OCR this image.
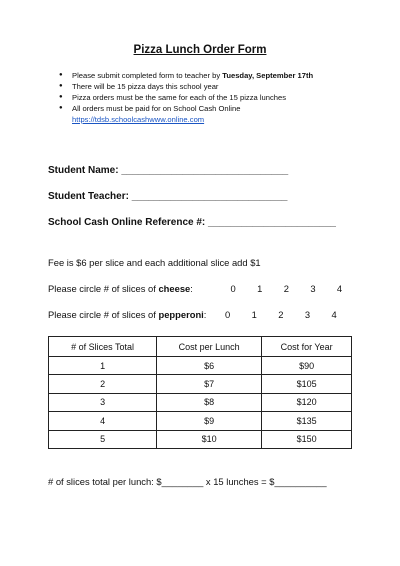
Pizza Lunch Order Form
● Please submit completed form to teacher by Tuesday, September 17th
● There will be 15 pizza days this school year
● Pizza orders must be the same for each of the 15 pizza lunches
● All orders must be paid for on School Cash Online
https://tdsb.schoolcashwww.online.com
Student Name: ______________________________
Student Teacher: ____________________________
School Cash Online Reference #: _______________________
Fee is $6 per slice and each additional slice add $1
Please circle # of slices of cheese:	0 1 2 3 4
Please circle # of slices of pepperoni: 0 1 2 3 4
# of Slices Total	Cost per Lunch	Cost for Year
1	$6	$90
2	$7	$105
3	$8	$120
4	$9	$135
5	$10	$150
# of slices total per lunch: $________ x 15 lunches = $__________
